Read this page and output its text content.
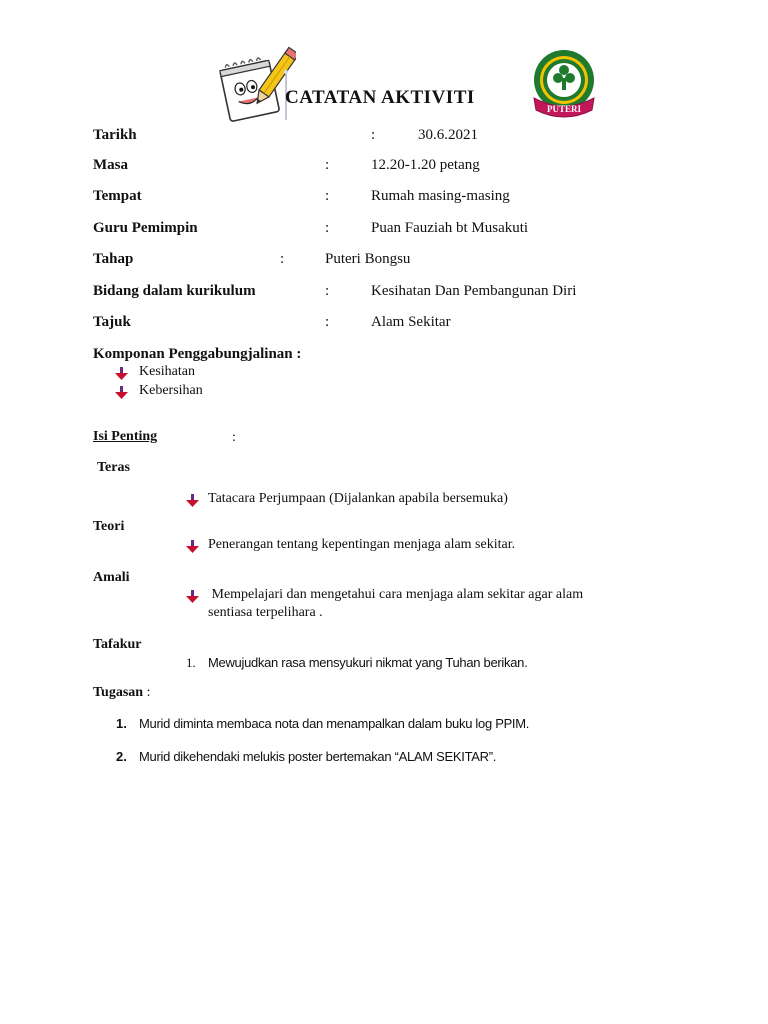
CATATAN AKTIVITI
PUTERI
Tarikh	:	30.6.2021
Masa	:	12.20-1.20 petang
Tempat	:	Rumah masing-masing
Guru Pemimpin	:	Puan Fauziah bt Musakuti
Tahap	:	Puteri Bongsu
Bidang dalam kurikulum	:	Kesihatan Dan Pembangunan Diri
Tajuk	:	Alam Sekitar
Komponan Penggabungjalinan :
Kesihatan
Kebersihan
Isi Penting	:
Teras
Tatacara Perjumpaan (Dijalankan apabila bersemuka)
Teori
Penerangan tentang kepentingan menjaga alam sekitar.
Amali
Mempelajari dan mengetahui cara menjaga alam sekitar agar alam
sentiasa terpelihara .
Tafakur
1. Mewujudkan rasa mensyukuri nikmat yang Tuhan berikan.
Tugasan :
1. Murid diminta membaca nota dan menampalkan dalam buku log PPIM.
2. Murid dikehendaki melukis poster bertemakan “ALAM SEKITAR”.
